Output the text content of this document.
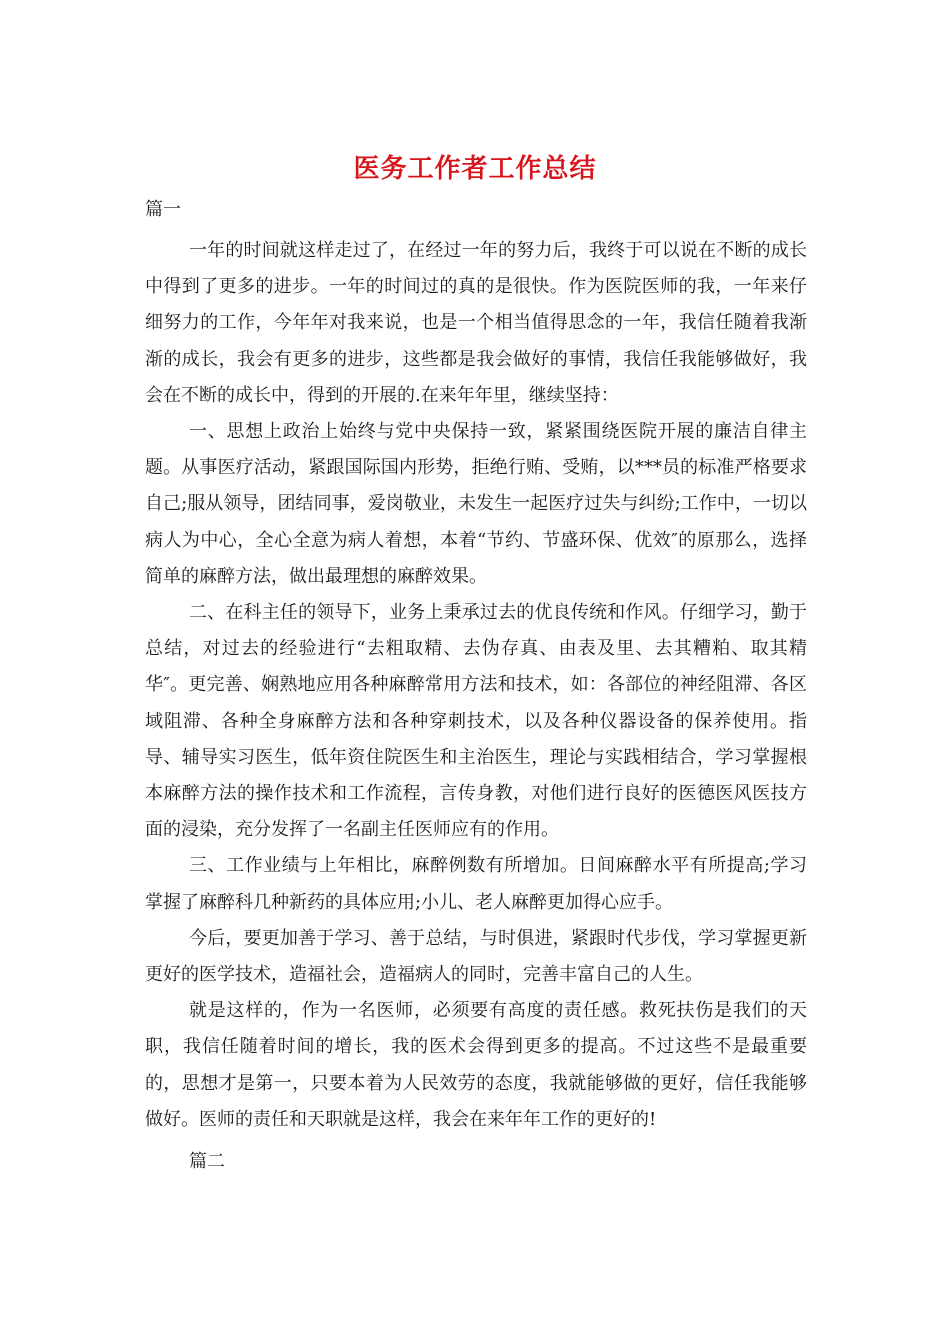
医务工作者工作总结
篇一

一年的时间就这样走过了，在经过一年的努力后，我终于可以说在不断的成长中得到了更多的进步。一年的时间过的真的是很快。作为医院医师的我，一年来仔细努力的工作，今年年对我来说，也是一个相当值得思念的一年，我信任随着我渐渐的成长，我会有更多的进步，这些都是我会做好的事情，我信任我能够做好，我会在不断的成长中，得到的开展的.在来年年里，继续坚持：

一、思想上政治上始终与党中央保持一致，紧紧围绕医院开展的廉洁自律主题。从事医疗活动，紧跟国际国内形势，拒绝行贿、受贿，以***员的标准严格要求自己;服从领导，团结同事，爱岗敬业，未发生一起医疗过失与纠纷;工作中，一切以病人为中心，全心全意为病人着想，本着“节约、节盛环保、优效″的原那么，选择简单的麻醉方法，做出最理想的麻醉效果。

二、在科主任的领导下，业务上秉承过去的优良传统和作风。仔细学习，勤于总结，对过去的经验进行“去粗取精、去伪存真、由表及里、去其糟粕、取其精华″。更完善、娴熟地应用各种麻醉常用方法和技术，如：各部位的神经阻滞、各区域阻滞、各种全身麻醉方法和各种穿刺技术，以及各种仪器设备的保养使用。指导、辅导实习医生，低年资住院医生和主治医生，理论与实践相结合，学习掌握根本麻醉方法的操作技术和工作流程，言传身教，对他们进行良好的医德医风医技方面的浸染，充分发挥了一名副主任医师应有的作用。

三、工作业绩与上年相比，麻醉例数有所增加。日间麻醉水平有所提高;学习掌握了麻醉科几种新药的具体应用;小儿、老人麻醉更加得心应手。

今后，要更加善于学习、善于总结，与时俱进，紧跟时代步伐，学习掌握更新更好的医学技术，造福社会，造福病人的同时，完善丰富自己的人生。

就是这样的，作为一名医师，必须要有高度的责任感。救死扶伤是我们的天职，我信任随着时间的增长，我的医术会得到更多的提高。不过这些不是最重要的，思想才是第一，只要本着为人民效劳的态度，我就能够做的更好，信任我能够做好。医师的责任和天职就是这样，我会在来年年工作的更好的!

篇二
